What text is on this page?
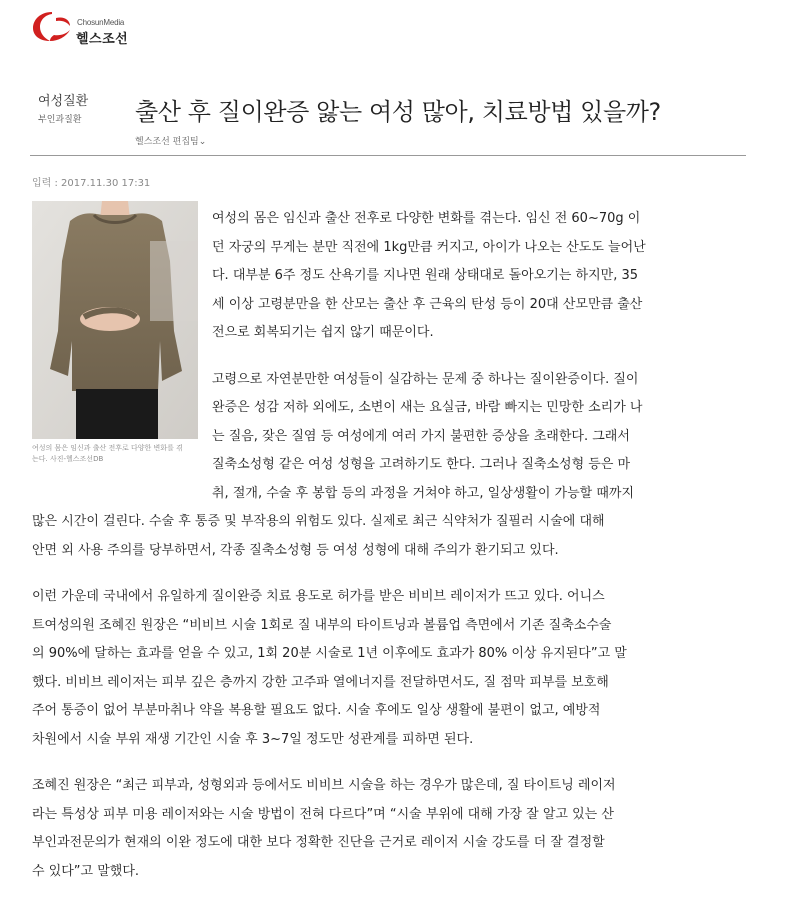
ChosunMedia
헬스조선
여성질환
부인과질환 출산 후 질이완증 앓는 여성 많아, 치료방법 있을까?
헬스조선 편집팀⌄
입력 : 2017.11.30 17:31
여성의 몸은 임신과 출산 전후로 다양한 변화를 겪
는다. 사진-헬스조선DB
여성의 몸은 임신과 출산 전후로 다양한 변화를 겪는다. 임신 전 60~70g 이
던 자궁의 무게는 분만 직전에 1kg만큼 커지고, 아이가 나오는 산도도 늘어난
다. 대부분 6주 정도 산욕기를 지나면 원래 상태대로 돌아오기는 하지만, 35
세 이상 고령분만을 한 산모는 출산 후 근육의 탄성 등이 20대 산모만큼 출산
전으로 회복되기는 쉽지 않기 때문이다.
고령으로 자연분만한 여성들이 실감하는 문제 중 하나는 질이완증이다. 질이
완증은 성감 저하 외에도, 소변이 새는 요실금, 바람 빠지는 민망한 소리가 나
는 질음, 잦은 질염 등 여성에게 여러 가지 불편한 증상을 초래한다. 그래서
질축소성형 같은 여성 성형을 고려하기도 한다. 그러나 질축소성형 등은 마
취, 절개, 수술 후 봉합 등의 과정을 거쳐야 하고, 일상생활이 가능할 때까지
많은 시간이 걸린다. 수술 후 통증 및 부작용의 위험도 있다. 실제로 최근 식약처가 질필러 시술에 대해
안면 외 사용 주의를 당부하면서, 각종 질축소성형 등 여성 성형에 대해 주의가 환기되고 있다.
이런 가운데 국내에서 유일하게 질이완증 치료 용도로 허가를 받은 비비브 레이저가 뜨고 있다. 어니스
트여성의원 조혜진 원장은 “비비브 시술 1회로 질 내부의 타이트닝과 볼륨업 측면에서 기존 질축소수술
의 90%에 달하는 효과를 얻을 수 있고, 1회 20분 시술로 1년 이후에도 효과가 80% 이상 유지된다”고 말
했다. 비비브 레이저는 피부 깊은 층까지 강한 고주파 열에너지를 전달하면서도, 질 점막 피부를 보호해
주어 통증이 없어 부분마취나 약을 복용할 필요도 없다. 시술 후에도 일상 생활에 불편이 없고, 예방적
차원에서 시술 부위 재생 기간인 시술 후 3~7일 정도만 성관계를 피하면 된다.
조혜진 원장은 “최근 피부과, 성형외과 등에서도 비비브 시술을 하는 경우가 많은데, 질 타이트닝 레이저
라는 특성상 피부 미용 레이저와는 시술 방법이 전혀 다르다”며 “시술 부위에 대해 가장 잘 알고 있는 산
부인과전문의가 현재의 이완 정도에 대한 보다 정확한 진단을 근거로 레이저 시술 강도를 더 잘 결정할
수 있다”고 말했다.
